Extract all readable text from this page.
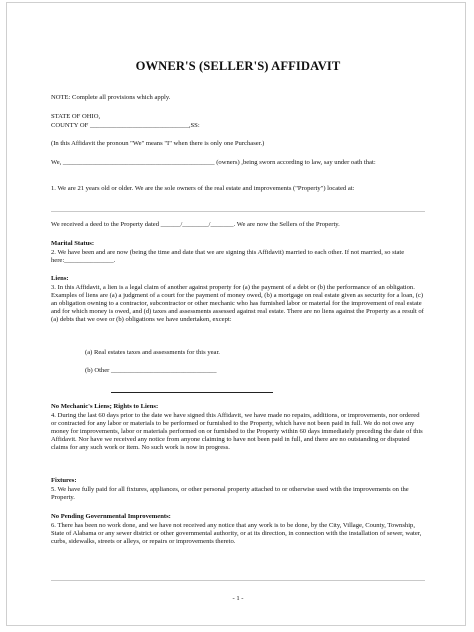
OWNER'S (SELLER'S) AFFIDAVIT

NOTE: Complete all provisions which apply.

STATE OF OHIO,

COUNTY OF ______________________________,SS:

(In this Affidavit the pronoun "We" means "I" when there is only one Purchaser.)

We, ______________________________________________ (owners) ,being sworn according to law, say under oath that:

1. We are 21 years old or older. We are the sole owners of the real estate and improvements ("Property") located at:

We received a deed to the Property dated ______/________/_______. We are now the Sellers of the Property.

Marital Status:

2. We have been and are now (being the time and date that we are signing this Affidavit) married to each other. If not married, so state here:_______________.

Liens:

3. In this Affidavit, a lien is a legal claim of another against property for (a) the payment of a debt or (b) the performance of an obligation. Examples of liens are (a) a judgment of a court for the payment of money owed, (b) a mortgage on real estate given as security for a loan, (c) an obligation owning to a contractor, subcontractor or other mechanic who has furnished labor or material for the improvement of real estate and for which money is owed, and (d) taxes and assessments assessed against real estate. There are no liens against the Property as a result of (a) debts that we owe or (b) obligations we have undertaken, except:

(a) Real estates taxes and assessments for this year.

(b) Other ________________________________

No Mechanic's Liens; Rights to Liens:

4. During the last 60 days prior to the date we have signed this Affidavit, we have made no repairs, additions, or improvements, nor ordered or contracted for any labor or materials to be performed or furnished to the Property, which have not been paid in full. We do not owe any money for improvements, labor or materials performed on or furnished to the Property within 60 days immediately preceding the date of this Affidavit. Nor have we received any notice from anyone claiming to have not been paid in full, and there are no outstanding or disputed claims for any such work or item. No such work is now in progress.

Fixtures:

5. We have fully paid for all fixtures, appliances, or other personal property attached to or otherwise used with the improvements on the Property.

No Pending Governmental Improvements:

6. There has been no work done, and we have not received any notice that any work is to be done, by the City, Village, County, Township, State of Alabama or any sewer district or other governmental authority, or at its direction, in connection with the installation of sewer, water, curbs, sidewalks, streets or alleys, or repairs or improvements thereto.

- 1 -
